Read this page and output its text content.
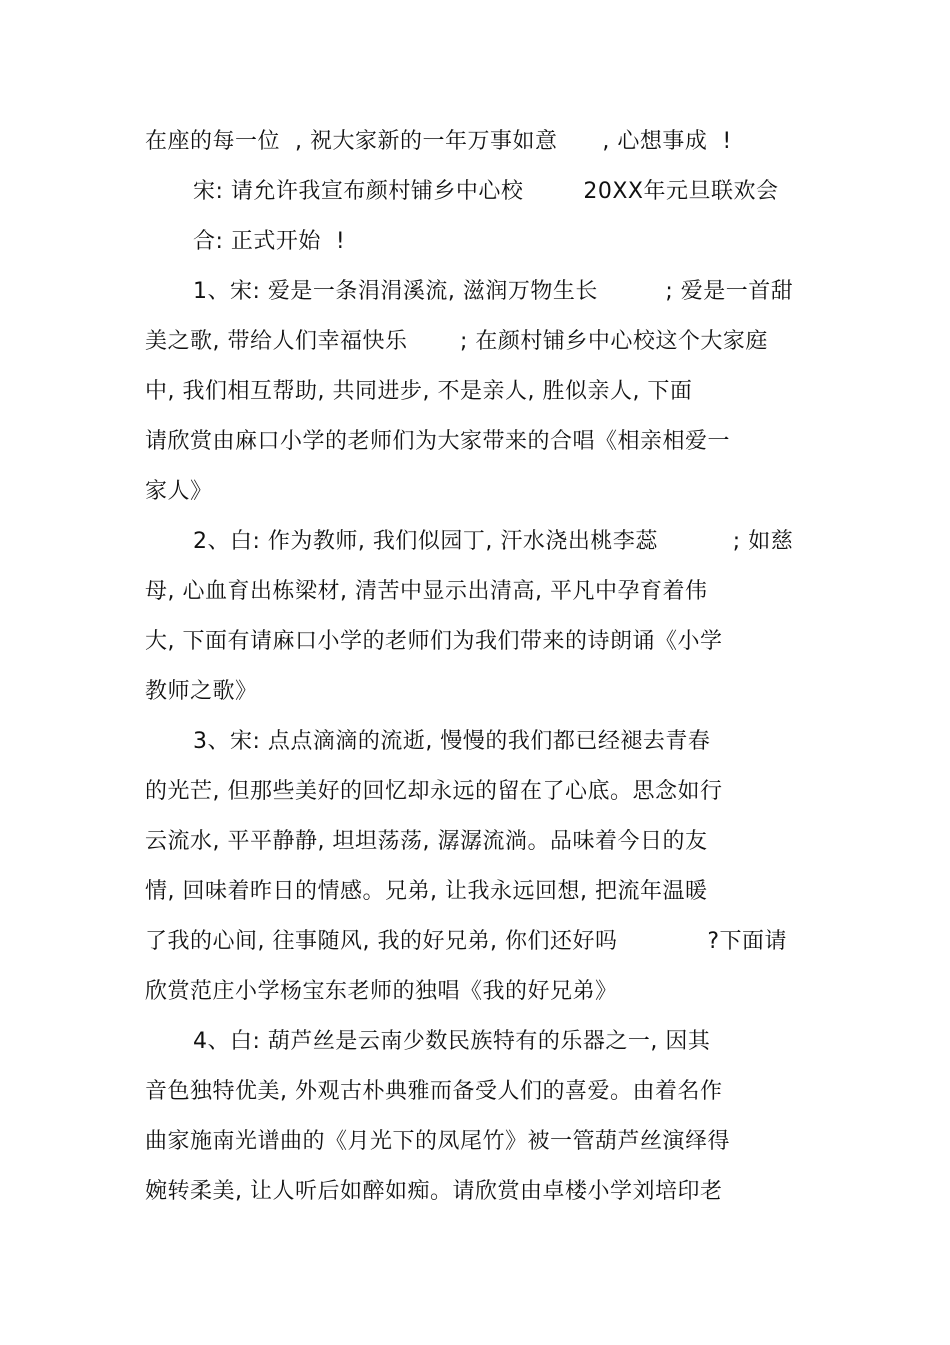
在座的每一位  , 祝大家新的一年万事如意      , 心想事成  !
宋: 请允许我宣布颜村铺乡中心校        20XX年元旦联欢会
合: 正式开始  !
1、宋: 爱是一条涓涓溪流, 滋润万物生长         ; 爱是一首甜
美之歌, 带给人们幸福快乐       ; 在颜村铺乡中心校这个大家庭
中, 我们相互帮助, 共同进步, 不是亲人, 胜似亲人, 下面
请欣赏由麻口小学的老师们为大家带来的合唱《相亲相爱一
家人》
2、白: 作为教师, 我们似园丁, 汗水浇出桃李蕊          ; 如慈
母, 心血育出栋梁材, 清苦中显示出清高, 平凡中孕育着伟
大, 下面有请麻口小学的老师们为我们带来的诗朗诵《小学
教师之歌》
3、宋: 点点滴滴的流逝, 慢慢的我们都已经褪去青春
的光芒, 但那些美好的回忆却永远的留在了心底。思念如行
云流水, 平平静静, 坦坦荡荡, 潺潺流淌。品味着今日的友
情, 回味着昨日的情感。兄弟, 让我永远回想, 把流年温暖
了我的心间, 往事随风, 我的好兄弟, 你们还好吗            ?下面请
欣赏范庄小学杨宝东老师的独唱《我的好兄弟》
4、白: 葫芦丝是云南少数民族特有的乐器之一, 因其
音色独特优美, 外观古朴典雅而备受人们的喜爱。由着名作
曲家施南光谱曲的《月光下的凤尾竹》被一管葫芦丝演绎得
婉转柔美, 让人听后如醉如痴。请欣赏由卓楼小学刘培印老
